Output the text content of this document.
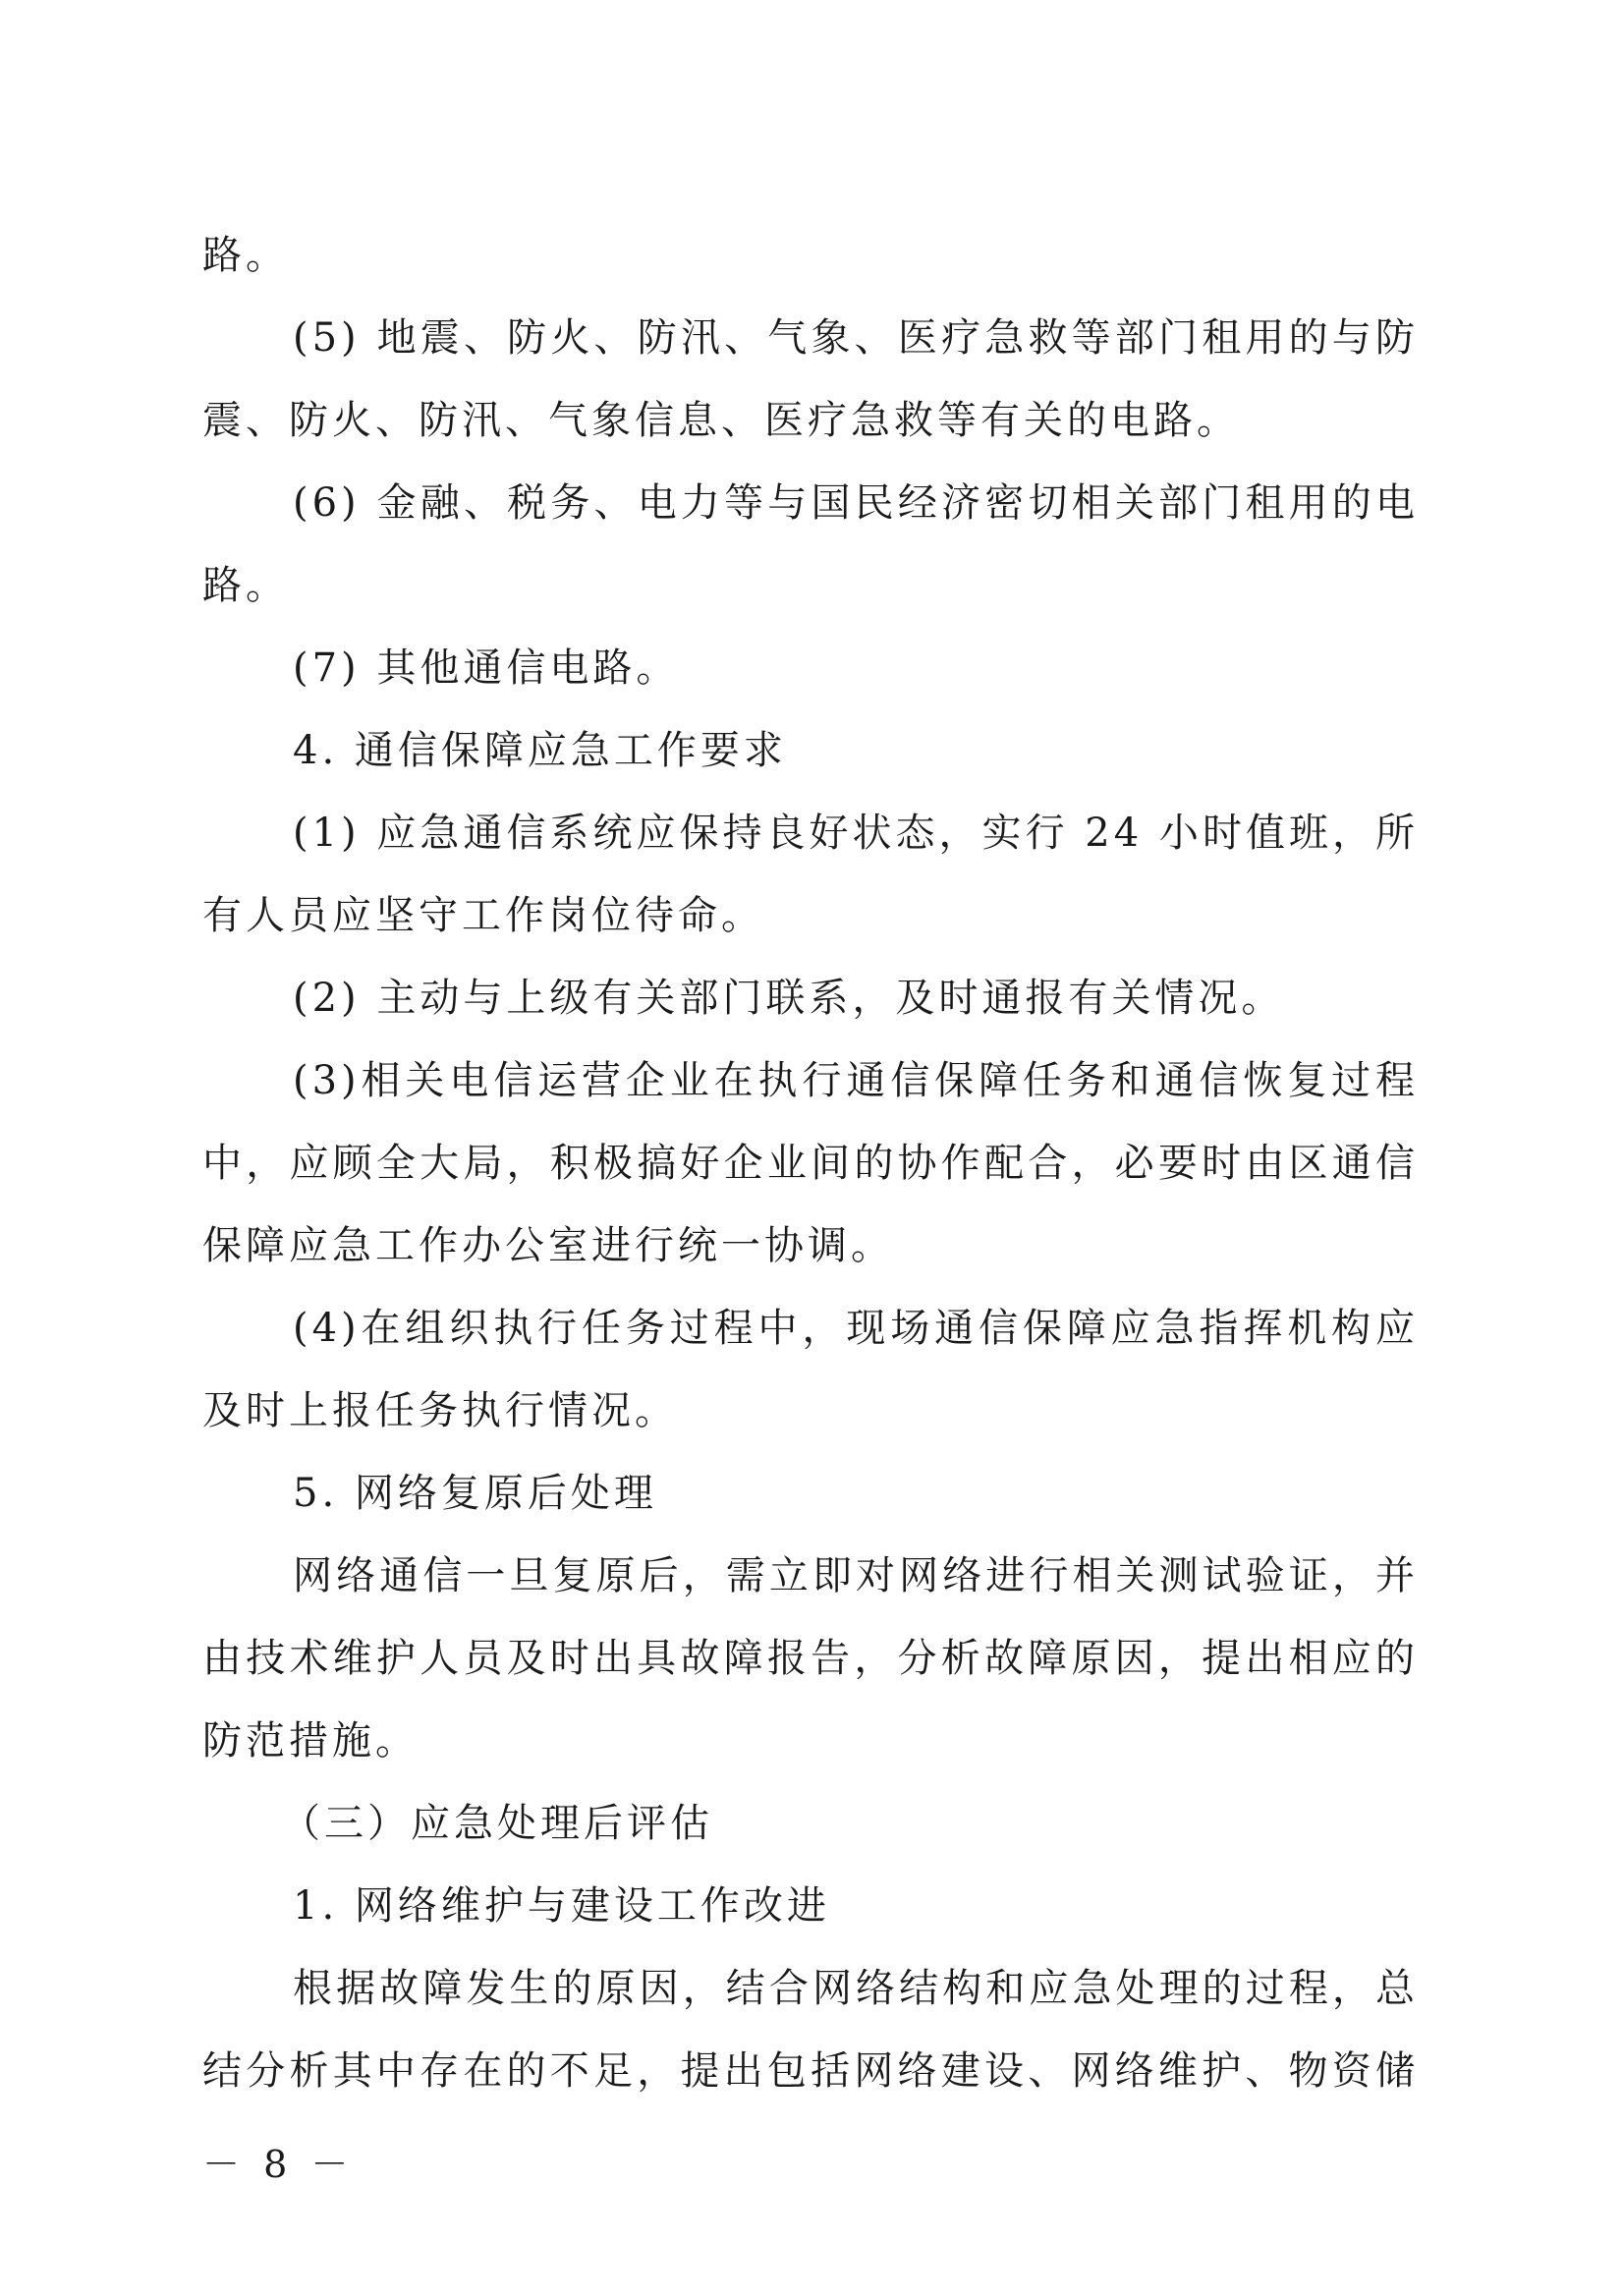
路。
(5) 地震、防火、防汛、气象、医疗急救等部门租用的与防
震、防火、防汛、气象信息、医疗急救等有关的电路。
(6) 金融、税务、电力等与国民经济密切相关部门租用的电
路。
(7) 其他通信电路。
4. 通信保障应急工作要求
(1) 应急通信系统应保持良好状态，实行 24 小时值班，所
有人员应坚守工作岗位待命。
(2) 主动与上级有关部门联系，及时通报有关情况。
(3)相关电信运营企业在执行通信保障任务和通信恢复过程
中，应顾全大局，积极搞好企业间的协作配合，必要时由区通信
保障应急工作办公室进行统一协调。
(4)在组织执行任务过程中，现场通信保障应急指挥机构应
及时上报任务执行情况。
5. 网络复原后处理
网络通信一旦复原后，需立即对网络进行相关测试验证，并
由技术维护人员及时出具故障报告，分析故障原因，提出相应的
防范措施。
（三）应急处理后评估
1. 网络维护与建设工作改进
根据故障发生的原因，结合网络结构和应急处理的过程，总
结分析其中存在的不足，提出包括网络建设、网络维护、物资储
－ 8 －
